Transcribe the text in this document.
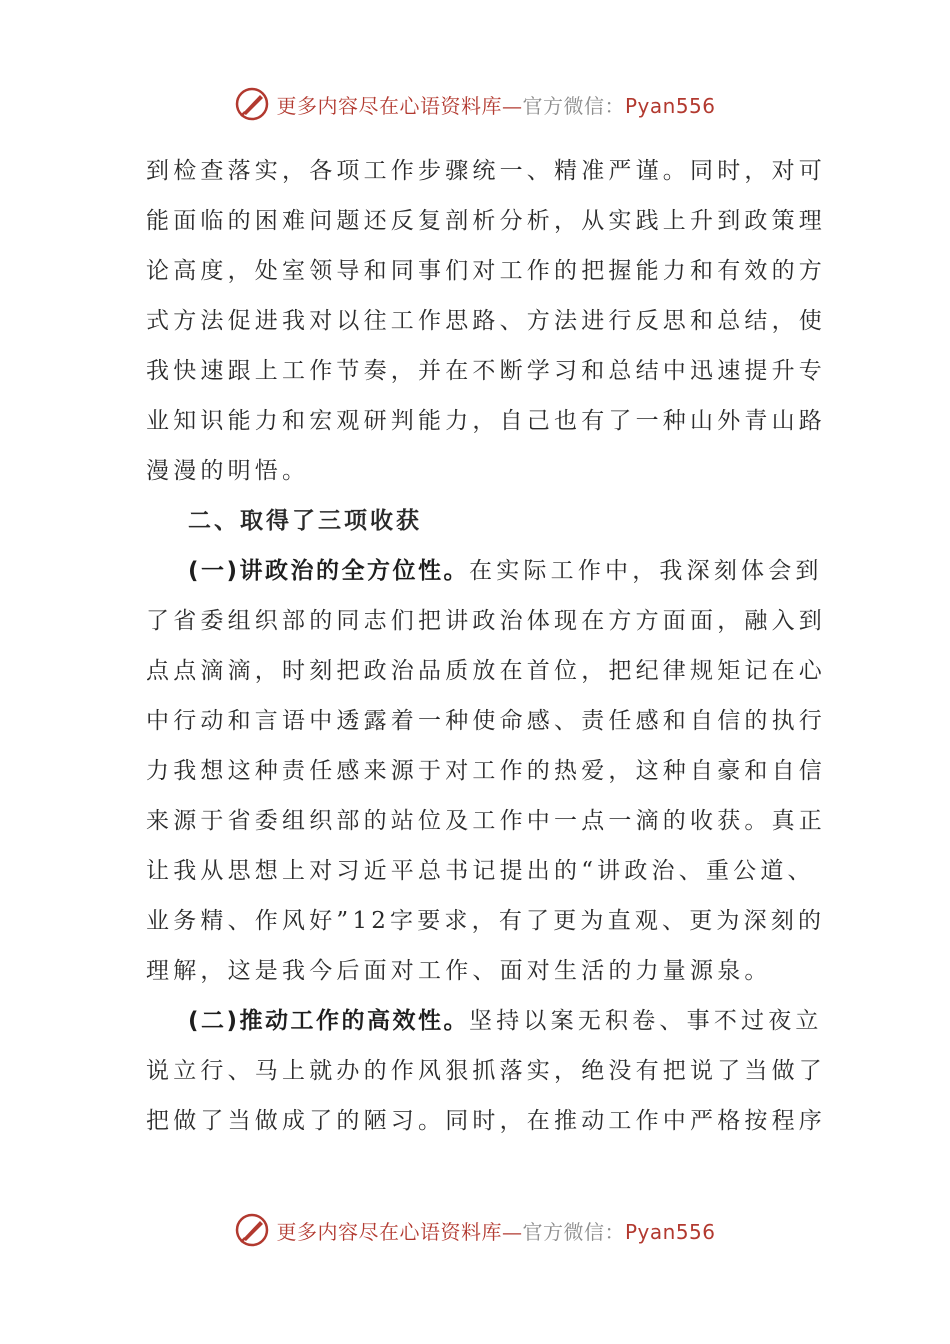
更多内容尽在心语资料库—官方微信：Pyan556
到检查落实，各项工作步骤统一、精准严谨。同时，对可
能面临的困难问题还反复剖析分析，从实践上升到政策理
论高度，处室领导和同事们对工作的把握能力和有效的方
式方法促进我对以往工作思路、方法进行反思和总结，使
我快速跟上工作节奏，并在不断学习和总结中迅速提升专
业知识能力和宏观研判能力，自己也有了一种山外青山路
漫漫的明悟。
二、取得了三项收获
(一)讲政治的全方位性。在实际工作中，我深刻体会到
了省委组织部的同志们把讲政治体现在方方面面，融入到
点点滴滴，时刻把政治品质放在首位，把纪律规矩记在心
中行动和言语中透露着一种使命感、责任感和自信的执行
力我想这种责任感来源于对工作的热爱，这种自豪和自信
来源于省委组织部的站位及工作中一点一滴的收获。真正
让我从思想上对习近平总书记提出的“讲政治、重公道、
业务精、作风好”12字要求，有了更为直观、更为深刻的
理解，这是我今后面对工作、面对生活的力量源泉。
(二)推动工作的高效性。坚持以案无积卷、事不过夜立
说立行、马上就办的作风狠抓落实，绝没有把说了当做了
把做了当做成了的陋习。同时，在推动工作中严格按程序
更多内容尽在心语资料库—官方微信：Pyan556
